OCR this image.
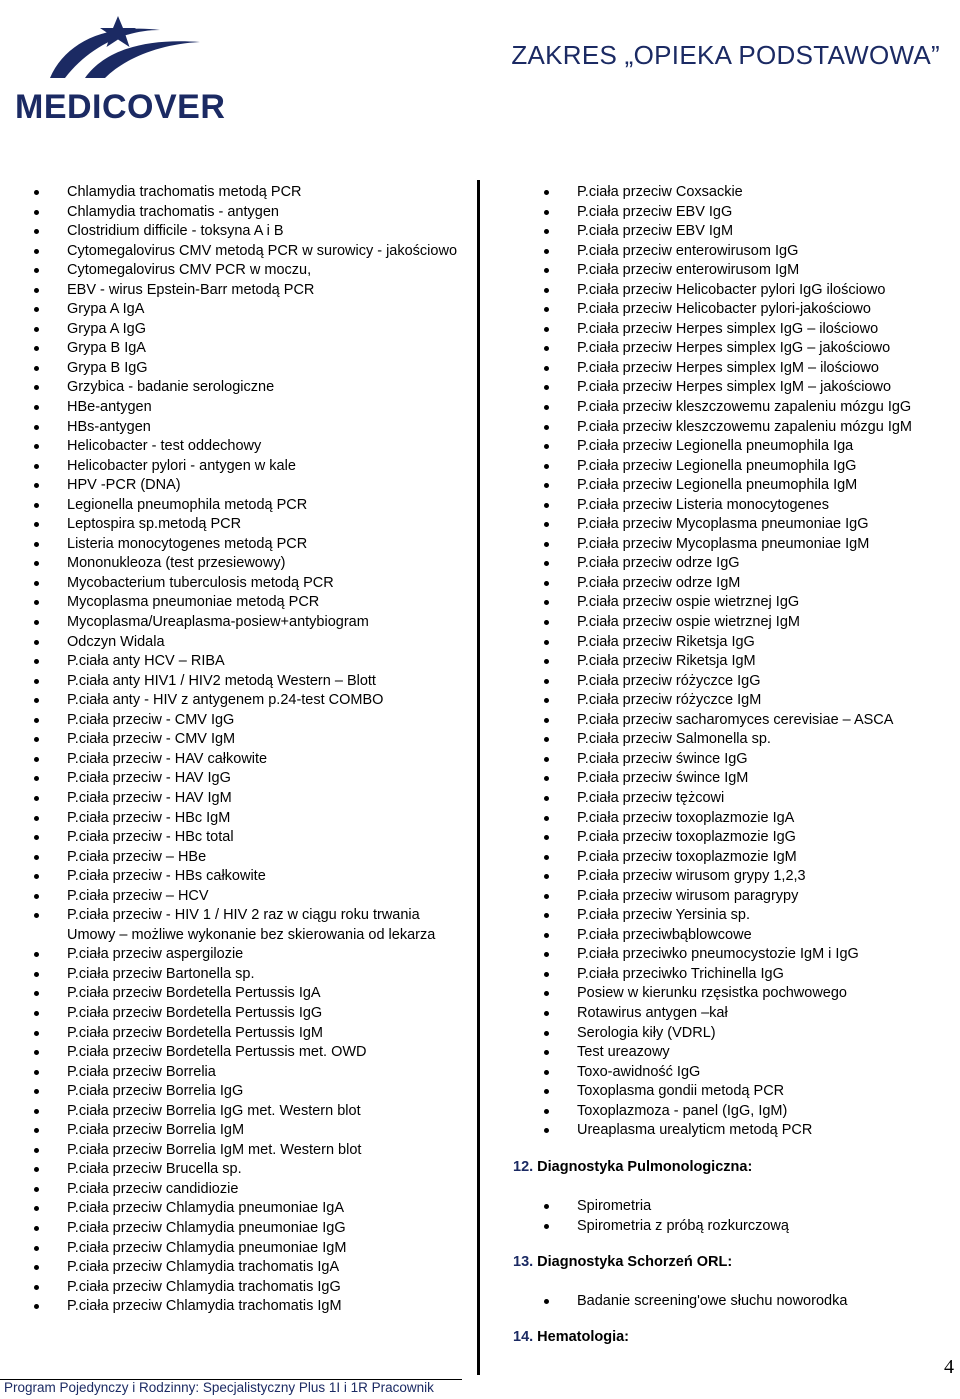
MEDICOVER
ZAKRES „OPIEKA PODSTAWOWA”
Chlamydia trachomatis metodą PCR
Chlamydia trachomatis - antygen
Clostridium difficile - toksyna A i B
Cytomegalovirus CMV metodą PCR w surowicy - jakościowo
Cytomegalovirus CMV PCR w moczu,
EBV - wirus Epstein-Barr metodą PCR
Grypa A IgA
Grypa A IgG
Grypa B IgA
Grypa B IgG
Grzybica - badanie serologiczne
HBe-antygen
HBs-antygen
Helicobacter - test oddechowy
Helicobacter pylori - antygen w kale
HPV -PCR (DNA)
Legionella pneumophila metodą PCR
Leptospira sp.metodą PCR
Listeria monocytogenes metodą PCR
Mononukleoza (test przesiewowy)
Mycobacterium tuberculosis metodą PCR
Mycoplasma pneumoniae metodą PCR
Mycoplasma/Ureaplasma-posiew+antybiogram
Odczyn Widala
P.ciała anty HCV – RIBA
P.ciała anty HIV1 / HIV2 metodą Western – Blott
P.ciała anty - HIV z antygenem p.24-test COMBO
P.ciała przeciw - CMV IgG
P.ciała przeciw - CMV IgM
P.ciała przeciw - HAV całkowite
P.ciała przeciw - HAV IgG
P.ciała przeciw - HAV IgM
P.ciała przeciw - HBc IgM
P.ciała przeciw - HBc total
P.ciała przeciw – HBe
P.ciała przeciw - HBs całkowite
P.ciała przeciw – HCV
P.ciała przeciw - HIV 1 / HIV 2 raz w ciągu roku trwania Umowy – możliwe wykonanie bez skierowania od lekarza
P.ciała przeciw aspergilozie
P.ciała przeciw Bartonella sp.
P.ciała przeciw Bordetella Pertussis IgA
P.ciała przeciw Bordetella Pertussis IgG
P.ciała przeciw Bordetella Pertussis IgM
P.ciała przeciw Bordetella Pertussis met. OWD
P.ciała przeciw Borrelia
P.ciała przeciw Borrelia IgG
P.ciała przeciw Borrelia IgG met. Western blot
P.ciała przeciw Borrelia IgM
P.ciała przeciw Borrelia IgM met. Western blot
P.ciała przeciw Brucella sp.
P.ciała przeciw candidiozie
P.ciała przeciw Chlamydia pneumoniae IgA
P.ciała przeciw Chlamydia pneumoniae IgG
P.ciała przeciw Chlamydia pneumoniae IgM
P.ciała przeciw Chlamydia trachomatis IgA
P.ciała przeciw Chlamydia trachomatis IgG
P.ciała przeciw Chlamydia trachomatis IgM
P.ciała przeciw Coxsackie
P.ciała przeciw EBV IgG
P.ciała przeciw EBV IgM
P.ciała przeciw enterowirusom IgG
P.ciała przeciw enterowirusom IgM
P.ciała przeciw Helicobacter pylori IgG ilościowo
P.ciała przeciw Helicobacter pylori-jakościowo
P.ciała przeciw Herpes simplex IgG – ilościowo
P.ciała przeciw Herpes simplex IgG – jakościowo
P.ciała przeciw Herpes simplex IgM – ilościowo
P.ciała przeciw Herpes simplex IgM – jakościowo
P.ciała przeciw kleszczowemu zapaleniu mózgu IgG
P.ciała przeciw kleszczowemu zapaleniu mózgu IgM
P.ciała przeciw Legionella pneumophila Iga
P.ciała przeciw Legionella pneumophila IgG
P.ciała przeciw Legionella pneumophila IgM
P.ciała przeciw Listeria monocytogenes
P.ciała przeciw Mycoplasma pneumoniae IgG
P.ciała przeciw Mycoplasma pneumoniae IgM
P.ciała przeciw odrze IgG
P.ciała przeciw odrze IgM
P.ciała przeciw ospie wietrznej IgG
P.ciała przeciw ospie wietrznej IgM
P.ciała przeciw Riketsja IgG
P.ciała przeciw Riketsja IgM
P.ciała przeciw różyczce IgG
P.ciała przeciw różyczce IgM
P.ciała przeciw sacharomyces cerevisiae – ASCA
P.ciała przeciw Salmonella sp.
P.ciała przeciw śwince IgG
P.ciała przeciw śwince IgM
P.ciała przeciw tężcowi
P.ciała przeciw toxoplazmozie IgA
P.ciała przeciw toxoplazmozie IgG
P.ciała przeciw toxoplazmozie IgM
P.ciała przeciw wirusom grypy 1,2,3
P.ciała przeciw wirusom paragrypy
P.ciała przeciw Yersinia sp.
P.ciała przeciwbąblowcowe
P.ciała przeciwko pneumocystozie IgM i IgG
P.ciała przeciwko Trichinella IgG
Posiew w kierunku rzęsistka pochwowego
Rotawirus antygen –kał
Serologia kiły (VDRL)
Test ureazowy
Toxo-awidność IgG
Toxoplasma gondii metodą PCR
Toxoplazmoza - panel (IgG, IgM)
Ureaplasma urealyticm metodą PCR
12. Diagnostyka Pulmonologiczna:
Spirometria
Spirometria z próbą rozkurczową
13. Diagnostyka Schorzeń ORL:
Badanie screening'owe słuchu noworodka
14. Hematologia:
Program Pojedynczy i Rodzinny: Specjalistyczny Plus 1I i 1R Pracownik
4
